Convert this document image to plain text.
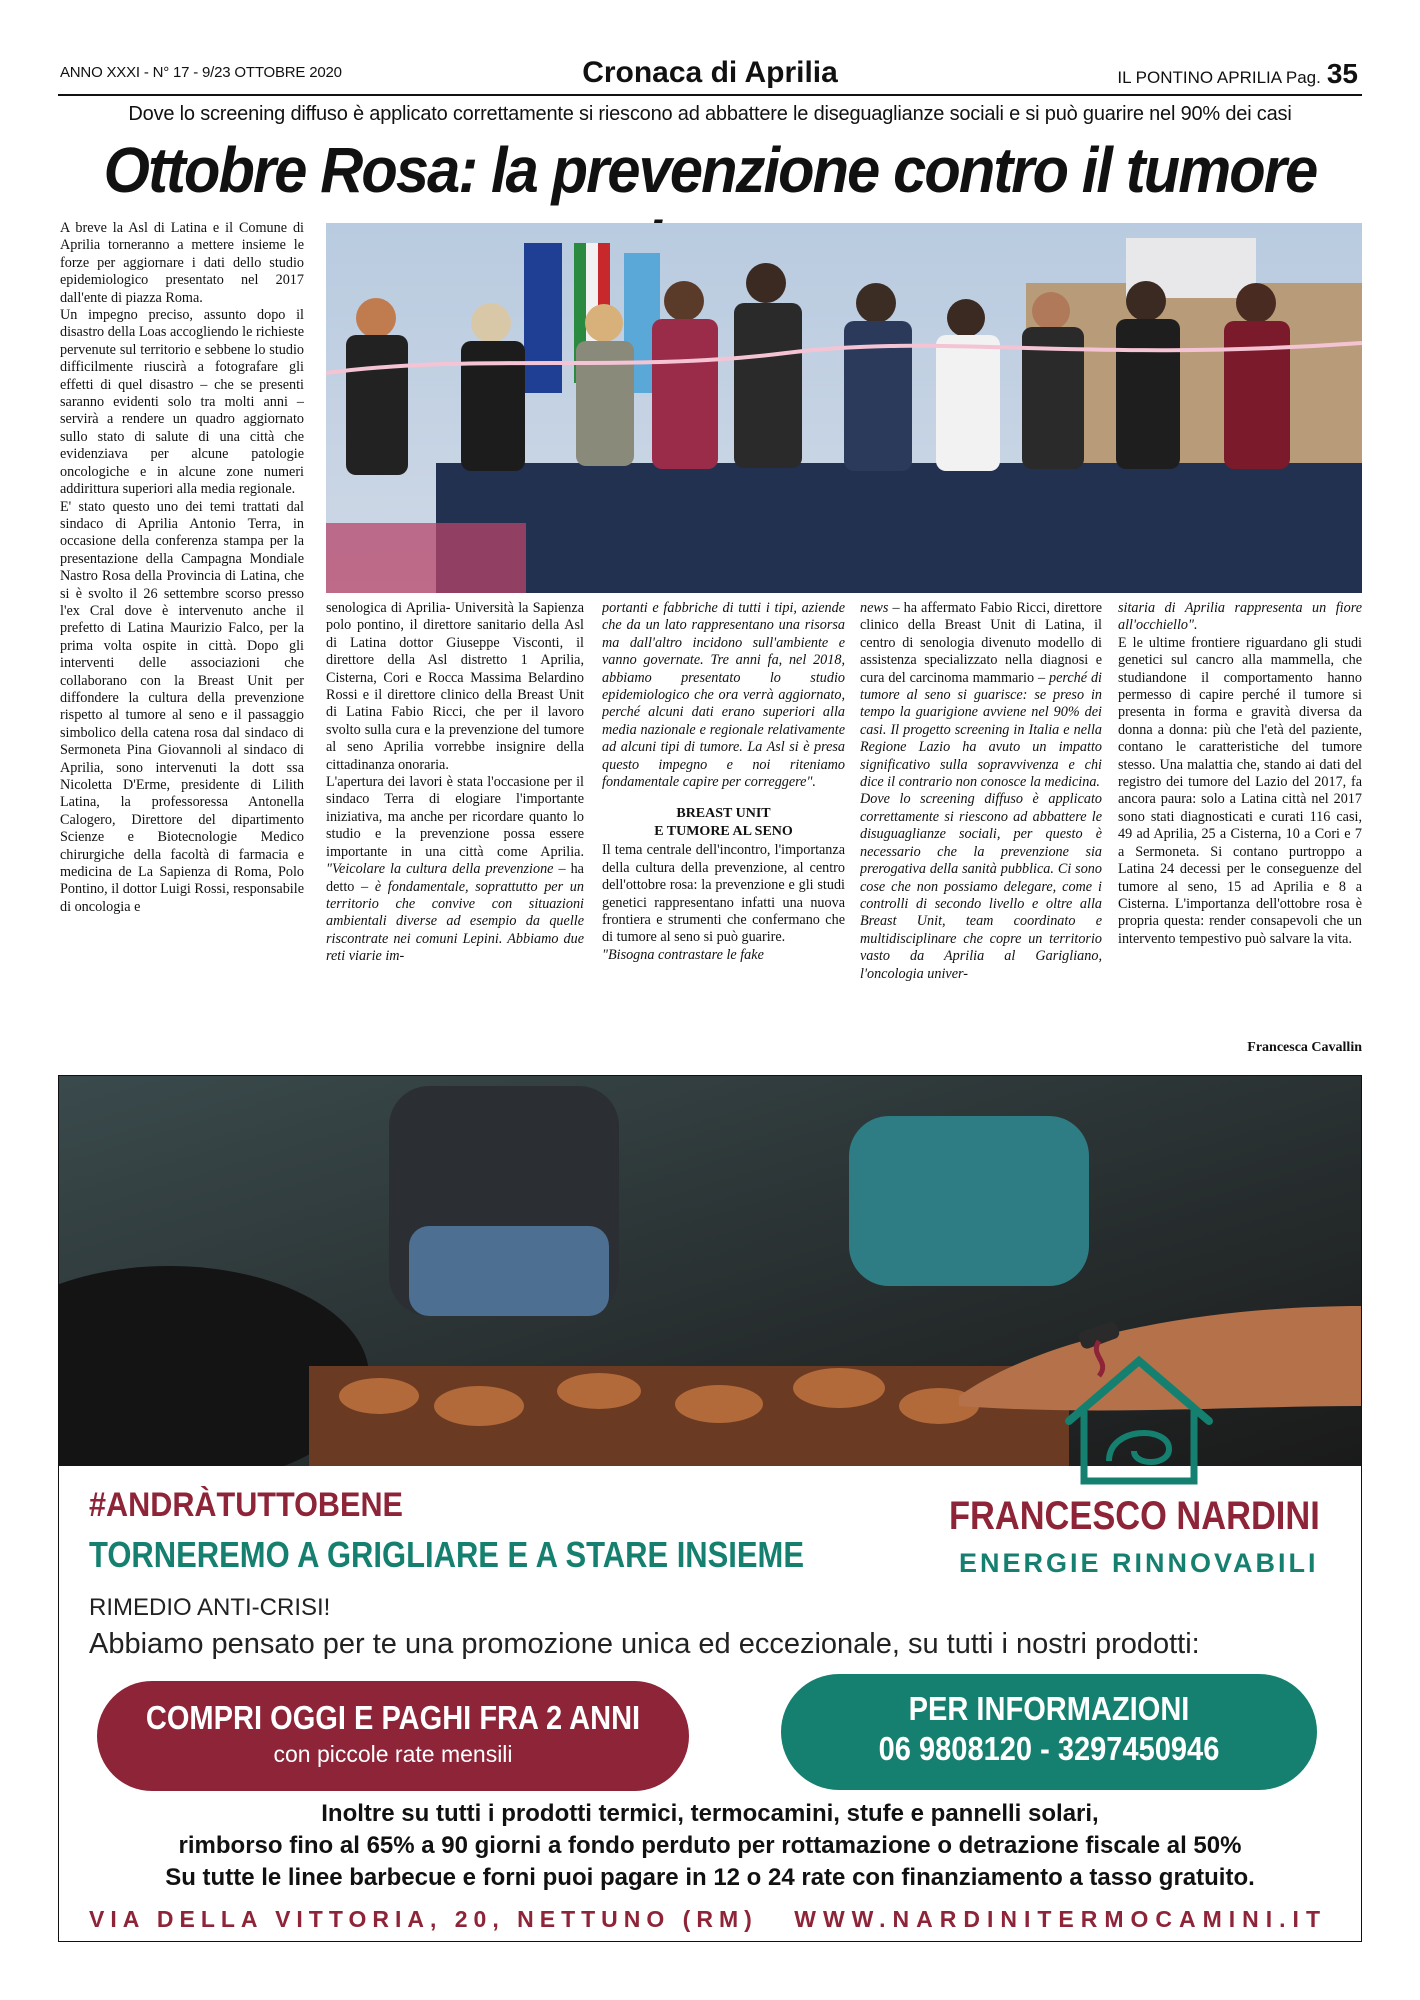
ANNO XXXI - N° 17 - 9/23 OTTOBRE 2020	Cronaca di Aprilia	IL PONTINO APRILIA Pag. 35
Dove lo screening diffuso è applicato correttamente si riescono ad abbattere le diseguaglianze sociali e si può guarire nel 90% dei casi
Ottobre Rosa: la prevenzione contro il tumore

A breve la Asl di Latina e il Comune di Aprilia torneranno a mettere insieme le forze per aggiornare i dati dello studio epidemiologico presentato nel 2017 dall'ente di piazza Roma.

Un impegno preciso, assunto dopo il disastro della Loas accogliendo le richieste pervenute sul territorio e sebbene lo studio difficilmente riuscirà a fotografare gli effetti di quel disastro – che se presenti saranno evidenti solo tra molti anni – servirà a rendere un quadro aggiornato sullo stato di salute di una città che evidenziava per alcune patologie oncologiche e in alcune zone numeri addirittura superiori alla media regionale.

E' stato questo uno dei temi trattati dal sindaco di Aprilia Antonio Terra, in occasione della conferenza stampa per la presentazione della Campagna Mondiale Nastro Rosa della Provincia di Latina, che si è svolto il 26 settembre scorso presso l'ex Cral dove è intervenuto anche il prefetto di Latina Maurizio Falco, per la prima volta ospite in città. Dopo gli interventi delle associazioni che collaborano con la Breast Unit per diffondere la cultura della prevenzione rispetto al tumore al seno e il passaggio simbolico della catena rosa dal sindaco di Sermoneta Pina Giovannoli al sindaco di Aprilia, sono intervenuti la dott ssa Nicoletta D'Erme, presidente di Lilith Latina, la professoressa Antonella Calogero, Direttore del dipartimento Scienze e Biotecnologie Medico chirurgiche della facoltà di farmacia e medicina de La Sapienza di Roma, Polo Pontino, il dottor Luigi Rossi, responsabile di oncologia e

senologica di Aprilia- Università la Sapienza polo pontino, il direttore sanitario della Asl di Latina dottor Giuseppe Visconti, il direttore della Asl distretto 1 Aprilia, Cisterna, Cori e Rocca Massima Belardino Rossi e il direttore clinico della Breast Unit di Latina Fabio Ricci, che per il lavoro svolto sulla cura e la prevenzione del tumore al seno Aprilia vorrebbe insignire della cittadinanza onoraria.

L'apertura dei lavori è stata l'occasione per il sindaco Terra di elogiare l'importante iniziativa, ma anche per ricordare quanto lo studio e la prevenzione possa essere importante in una città come Aprilia. "Veicolare la cultura della prevenzione – ha detto – è fondamentale, soprattutto per un territorio che convive con situazioni ambientali diverse ad esempio da quelle riscontrate nei comuni Lepini. Abbiamo due reti viarie im-

portanti e fabbriche di tutti i tipi, aziende che da un lato rappresentano una risorsa ma dall'altro incidono sull'ambiente e vanno governate. Tre anni fa, nel 2018, abbiamo presentato lo studio epidemiologico che ora verrà aggiornato, perché alcuni dati erano superiori alla media nazionale e regionale relativamente ad alcuni tipi di tumore. La Asl si è presa questo impegno e noi riteniamo fondamentale capire per correggere".

BREAST UNIT
E TUMORE AL SENO

Il tema centrale dell'incontro, l'importanza della cultura della prevenzione, al centro dell'ottobre rosa: la prevenzione e gli studi genetici rappresentano infatti una nuova frontiera e strumenti che confermano che di tumore al seno si può guarire.

"Bisogna contrastare le fake

news – ha affermato Fabio Ricci, direttore clinico della Breast Unit di Latina, il centro di senologia divenuto modello di assistenza specializzato nella diagnosi e cura del carcinoma mammario – perché di tumore al seno si guarisce: se preso in tempo la guarigione avviene nel 90% dei casi. Il progetto screening in Italia e nella Regione Lazio ha avuto un impatto significativo sulla sopravvivenza e chi dice il contrario non conosce la medicina.

Dove lo screening diffuso è applicato correttamente si riescono ad abbattere le disuguaglianze sociali, per questo è necessario che la prevenzione sia prerogativa della sanità pubblica. Ci sono cose che non possiamo delegare, come i controlli di secondo livello e oltre alla Breast Unit, team coordinato e multidisciplinare che copre un territorio vasto da Aprilia al Garigliano, l'oncologia univer-

sitaria di Aprilia rappresenta un fiore all'occhiello".

E le ultime frontiere riguardano gli studi genetici sul cancro alla mammella, che studiandone il comportamento hanno permesso di capire perché il tumore si presenta in forma e gravità diversa da donna a donna: più che l'età del paziente, contano le caratteristiche del tumore stesso. Una malattia che, stando ai dati del registro dei tumore del Lazio del 2017, fa ancora paura: solo a Latina città nel 2017 sono stati diagnosticati e curati 116 casi, 49 ad Aprilia, 25 a Cisterna, 10 a Cori e 7 a Sermoneta. Si contano purtroppo a Latina 24 decessi per le conseguenze del tumore al seno, 15 ad Aprilia e 8 a Cisterna. L'importanza dell'ottobre rosa è propria questa: render consapevoli che un intervento tempestivo può salvare la vita.

Francesca Cavallin
#ANDRÀTUTTOBENE
TORNEREMO A GRIGLIARE E A STARE INSIEME
RIMEDIO ANTI-CRISI!
Abbiamo pensato per te una promozione unica ed eccezionale, su tutti i nostri prodotti:
FRANCESCO NARDINI
ENERGIE RINNOVABILI
COMPRI OGGI E PAGHI FRA 2 ANNI
con piccole rate mensili
PER INFORMAZIONI
06 9808120 - 3297450946
Inoltre su tutti i prodotti termici, termocamini, stufe e pannelli solari,
rimborso fino al 65% a 90 giorni a fondo perduto per rottamazione o detrazione fiscale al 50%
Su tutte le linee barbecue e forni puoi pagare in 12 o 24 rate con finanziamento a tasso gratuito.
VIA DELLA VITTORIA, 20, NETTUNO (RM) WWW.NARDINITERMOCAMINI.IT
